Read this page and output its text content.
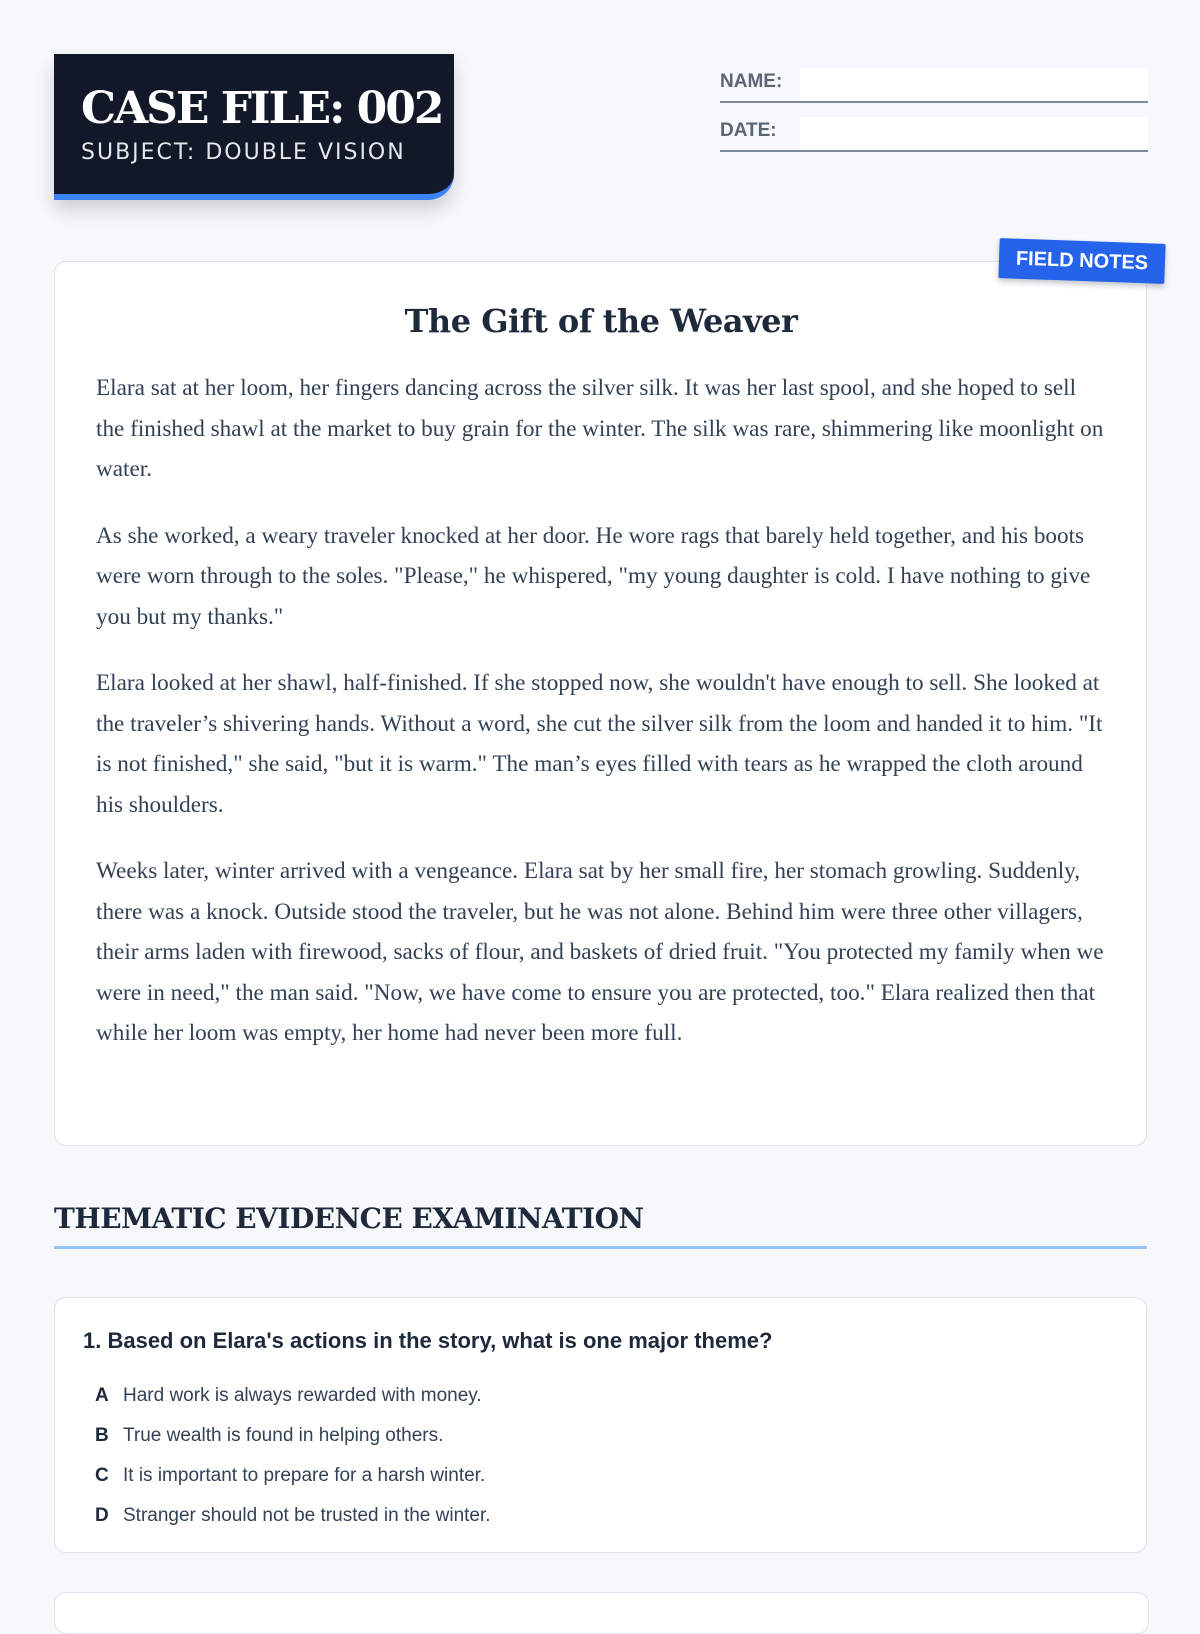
CASE FILE: 002
SUBJECT: DOUBLE VISION
NAME:
DATE:
The Gift of the Weaver

Elara sat at her loom, her fingers dancing across the silver silk. It was her last spool, and she hoped to sell the finished shawl at the market to buy grain for the winter. The silk was rare, shimmering like moonlight on water.

As she worked, a weary traveler knocked at her door. He wore rags that barely held together, and his boots were worn through to the soles. "Please," he whispered, "my young daughter is cold. I have nothing to give you but my thanks."

Elara looked at her shawl, half-finished. If she stopped now, she wouldn't have enough to sell. She looked at the traveler’s shivering hands. Without a word, she cut the silver silk from the loom and handed it to him. "It is not finished," she said, "but it is warm." The man’s eyes filled with tears as he wrapped the cloth around his shoulders.

Weeks later, winter arrived with a vengeance. Elara sat by her small fire, her stomach growling. Suddenly, there was a knock. Outside stood the traveler, but he was not alone. Behind him were three other villagers, their arms laden with firewood, sacks of flour, and baskets of dried fruit. "You protected my family when we were in need," the man said. "Now, we have come to ensure you are protected, too." Elara realized then that while her loom was empty, her home had never been more full.

FIELD NOTES
THEMATIC EVIDENCE EXAMINATION

1. Based on Elara's actions in the story, what is one major theme?

A Hard work is always rewarded with money.
B True wealth is found in helping others.
C It is important to prepare for a harsh winter.
D Stranger should not be trusted in the winter.
